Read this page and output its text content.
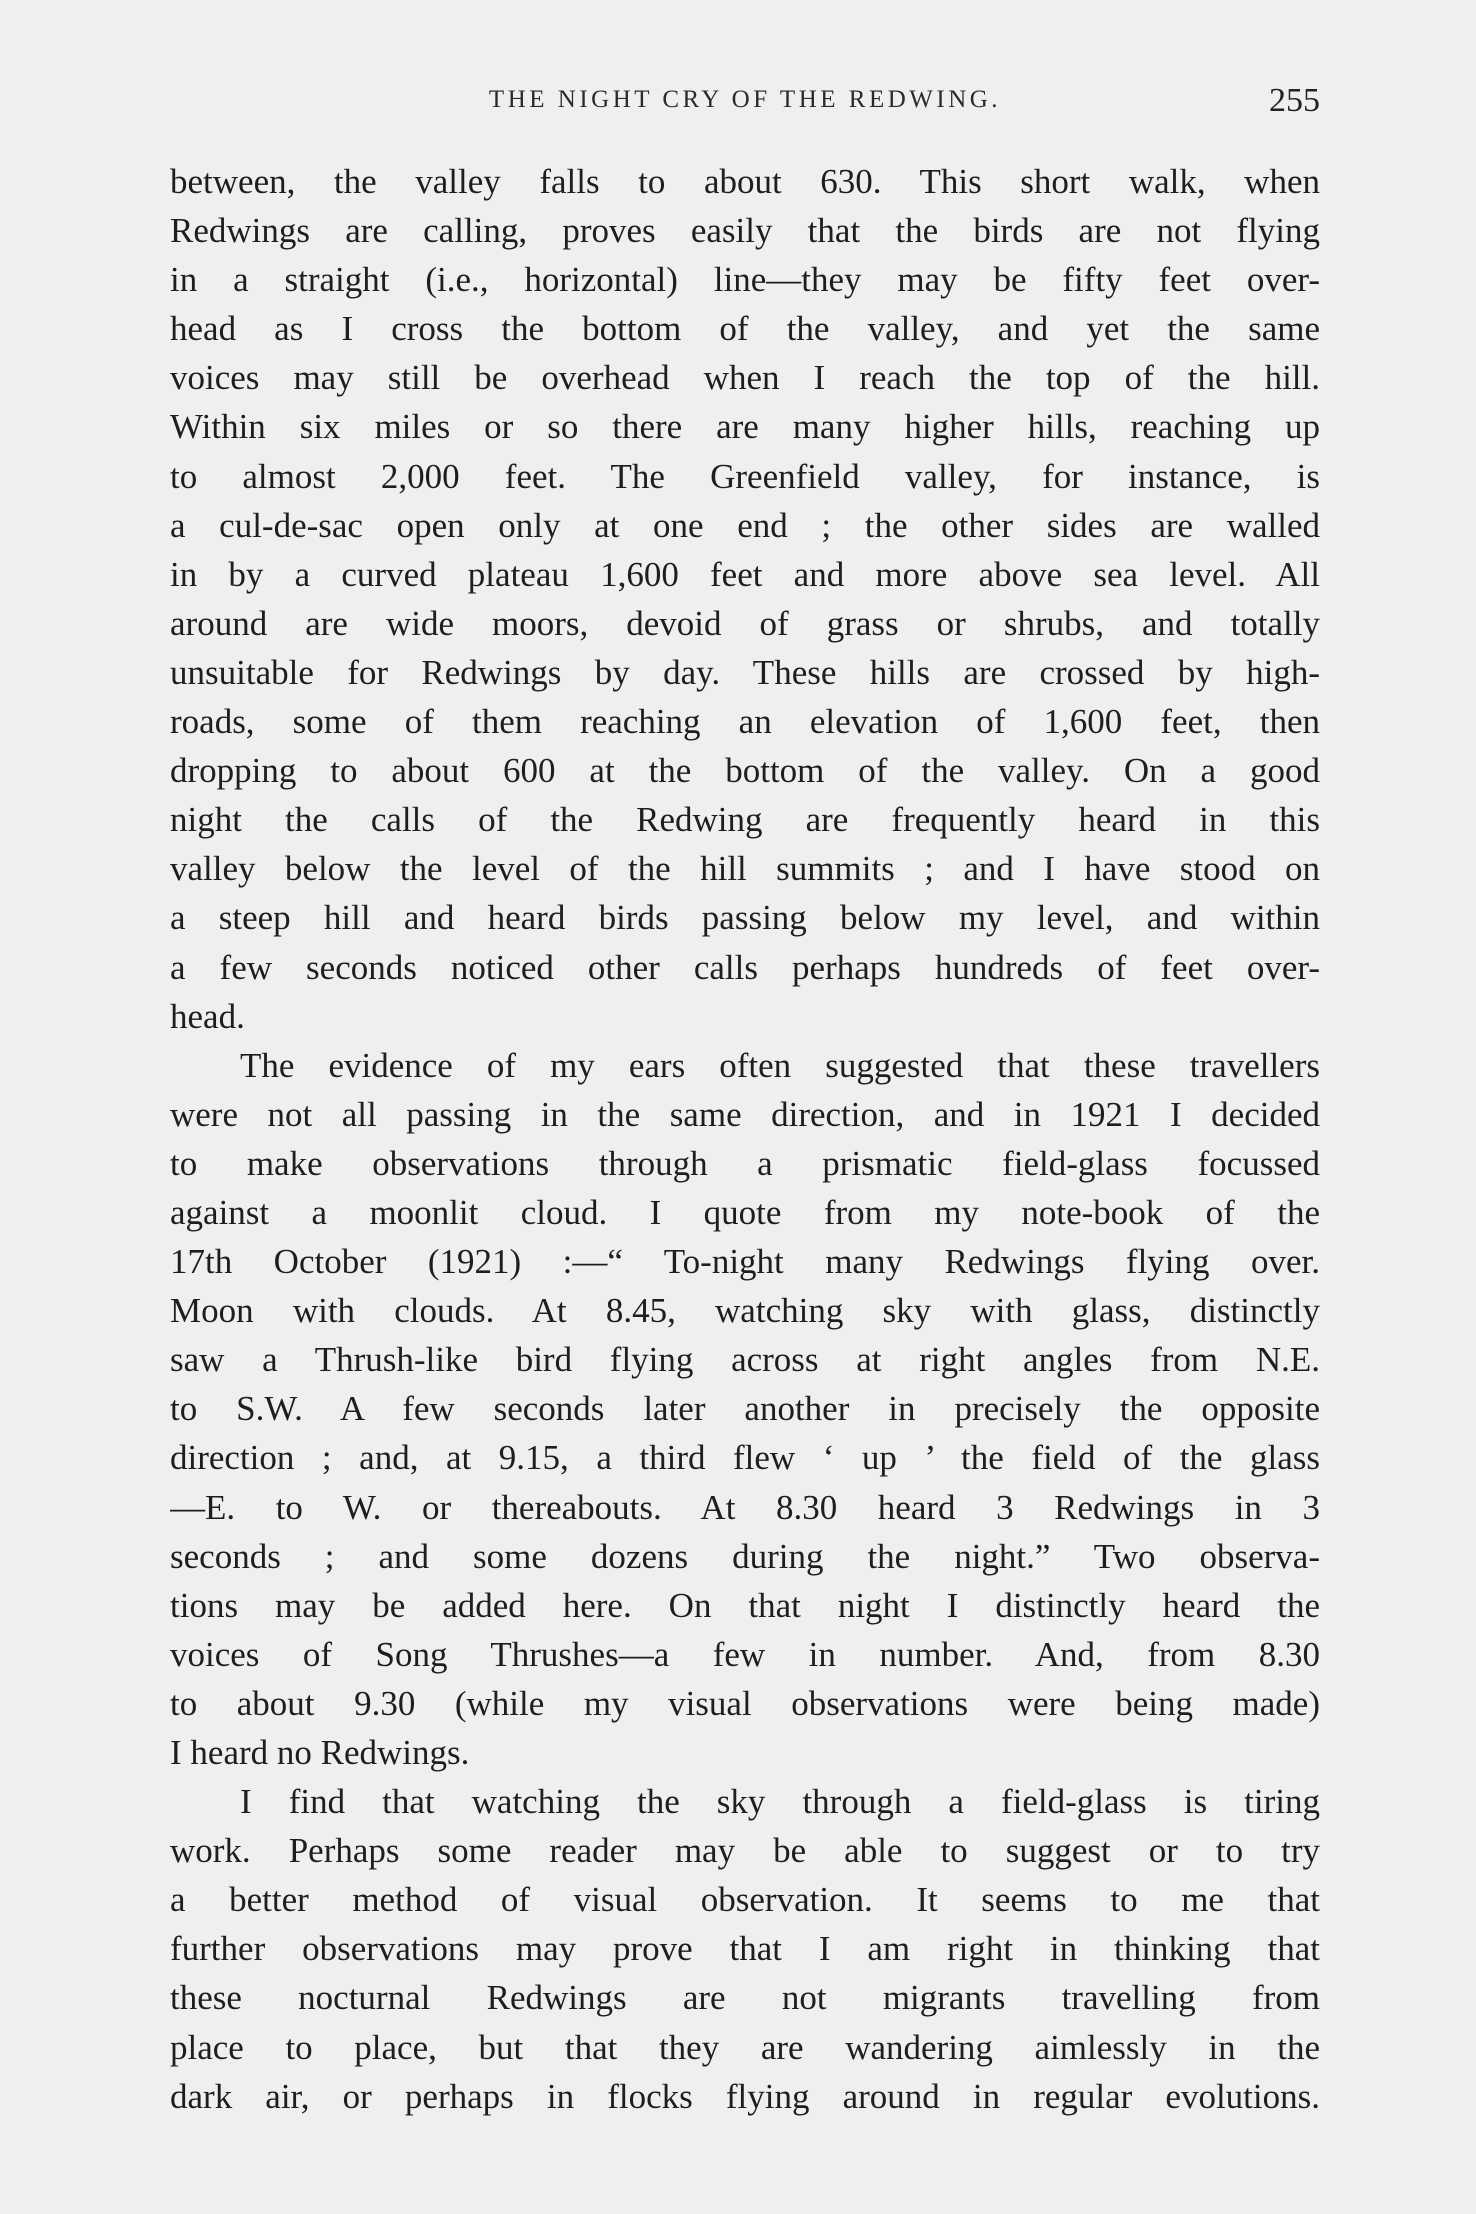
THE NIGHT CRY OF THE REDWING.	255
between, the valley falls to about 630. This short walk, when
Redwings are calling, proves easily that the birds are not flying
in a straight (i.e., horizontal) line—they may be fifty feet over-
head as I cross the bottom of the valley, and yet the same
voices may still be overhead when I reach the top of the hill.
Within six miles or so there are many higher hills, reaching up
to almost 2,000 feet. The Greenfield valley, for instance, is
a cul-de-sac open only at one end ; the other sides are walled
in by a curved plateau 1,600 feet and more above sea level. All
around are wide moors, devoid of grass or shrubs, and totally
unsuitable for Redwings by day. These hills are crossed by high-
roads, some of them reaching an elevation of 1,600 feet, then
dropping to about 600 at the bottom of the valley. On a good
night the calls of the Redwing are frequently heard in this
valley below the level of the hill summits ; and I have stood on
a steep hill and heard birds passing below my level, and within
a few seconds noticed other calls perhaps hundreds of feet over-
head.
The evidence of my ears often suggested that these travellers
were not all passing in the same direction, and in 1921 I decided
to make observations through a prismatic field-glass focussed
against a moonlit cloud. I quote from my note-book of the
17th October (1921) :—“ To-night many Redwings flying over.
Moon with clouds. At 8.45, watching sky with glass, distinctly
saw a Thrush-like bird flying across at right angles from N.E.
to S.W. A few seconds later another in precisely the opposite
direction ; and, at 9.15, a third flew ‘ up ’ the field of the glass
—E. to W. or thereabouts. At 8.30 heard 3 Redwings in 3
seconds ; and some dozens during the night.” Two observa-
tions may be added here. On that night I distinctly heard the
voices of Song Thrushes—a few in number. And, from 8.30
to about 9.30 (while my visual observations were being made)
I heard no Redwings.
I find that watching the sky through a field-glass is tiring
work. Perhaps some reader may be able to suggest or to try
a better method of visual observation. It seems to me that
further observations may prove that I am right in thinking that
these nocturnal Redwings are not migrants travelling from
place to place, but that they are wandering aimlessly in the
dark air, or perhaps in flocks flying around in regular evolutions.
